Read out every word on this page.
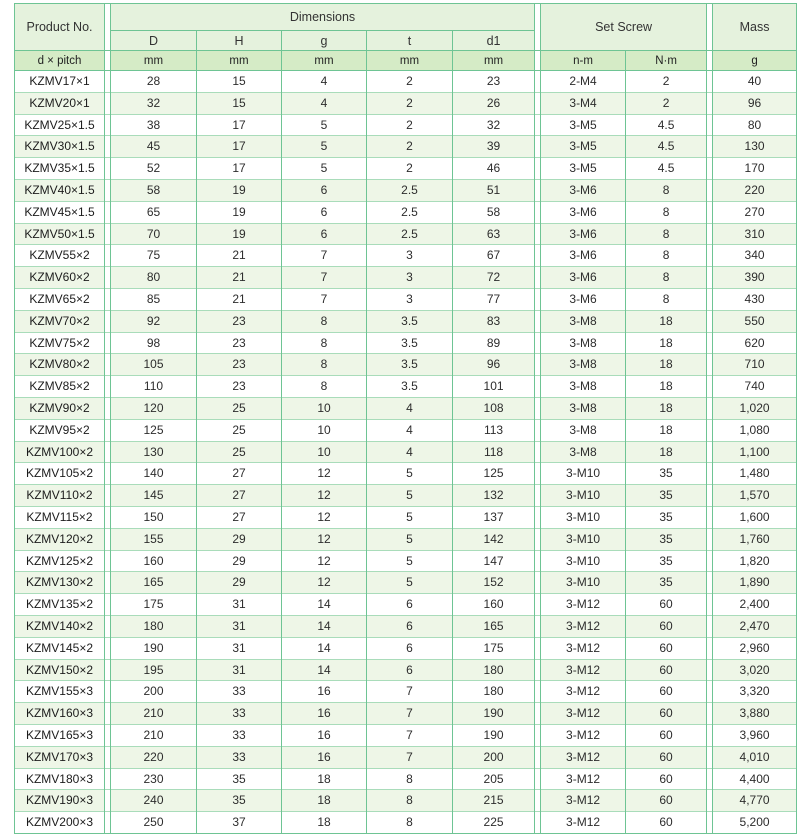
Product No.		Dimensions						Set Screw			Mass
		D	H	g	t	d1					
d × pitch		mm	mm	mm	mm	mm		n-m	N·m		g
KZMV17×1		28	15	4	2	23		2-M4	2		40
KZMV20×1		32	15	4	2	26		3-M4	2		96
KZMV25×1.5		38	17	5	2	32		3-M5	4.5		80
KZMV30×1.5		45	17	5	2	39		3-M5	4.5		130
KZMV35×1.5		52	17	5	2	46		3-M5	4.5		170
KZMV40×1.5		58	19	6	2.5	51		3-M6	8		220
KZMV45×1.5		65	19	6	2.5	58		3-M6	8		270
KZMV50×1.5		70	19	6	2.5	63		3-M6	8		310
KZMV55×2		75	21	7	3	67		3-M6	8		340
KZMV60×2		80	21	7	3	72		3-M6	8		390
KZMV65×2		85	21	7	3	77		3-M6	8		430
KZMV70×2		92	23	8	3.5	83		3-M8	18		550
KZMV75×2		98	23	8	3.5	89		3-M8	18		620
KZMV80×2		105	23	8	3.5	96		3-M8	18		710
KZMV85×2		110	23	8	3.5	101		3-M8	18		740
KZMV90×2		120	25	10	4	108		3-M8	18		1,020
KZMV95×2		125	25	10	4	113		3-M8	18		1,080
KZMV100×2		130	25	10	4	118		3-M8	18		1,100
KZMV105×2		140	27	12	5	125		3-M10	35		1,480
KZMV110×2		145	27	12	5	132		3-M10	35		1,570
KZMV115×2		150	27	12	5	137		3-M10	35		1,600
KZMV120×2		155	29	12	5	142		3-M10	35		1,760
KZMV125×2		160	29	12	5	147		3-M10	35		1,820
KZMV130×2		165	29	12	5	152		3-M10	35		1,890
KZMV135×2		175	31	14	6	160		3-M12	60		2,400
KZMV140×2		180	31	14	6	165		3-M12	60		2,470
KZMV145×2		190	31	14	6	175		3-M12	60		2,960
KZMV150×2		195	31	14	6	180		3-M12	60		3,020
KZMV155×3		200	33	16	7	180		3-M12	60		3,320
KZMV160×3		210	33	16	7	190		3-M12	60		3,880
KZMV165×3		210	33	16	7	190		3-M12	60		3,960
KZMV170×3		220	33	16	7	200		3-M12	60		4,010
KZMV180×3		230	35	18	8	205		3-M12	60		4,400
KZMV190×3		240	35	18	8	215		3-M12	60		4,770
KZMV200×3		250	37	18	8	225		3-M12	60		5,200
